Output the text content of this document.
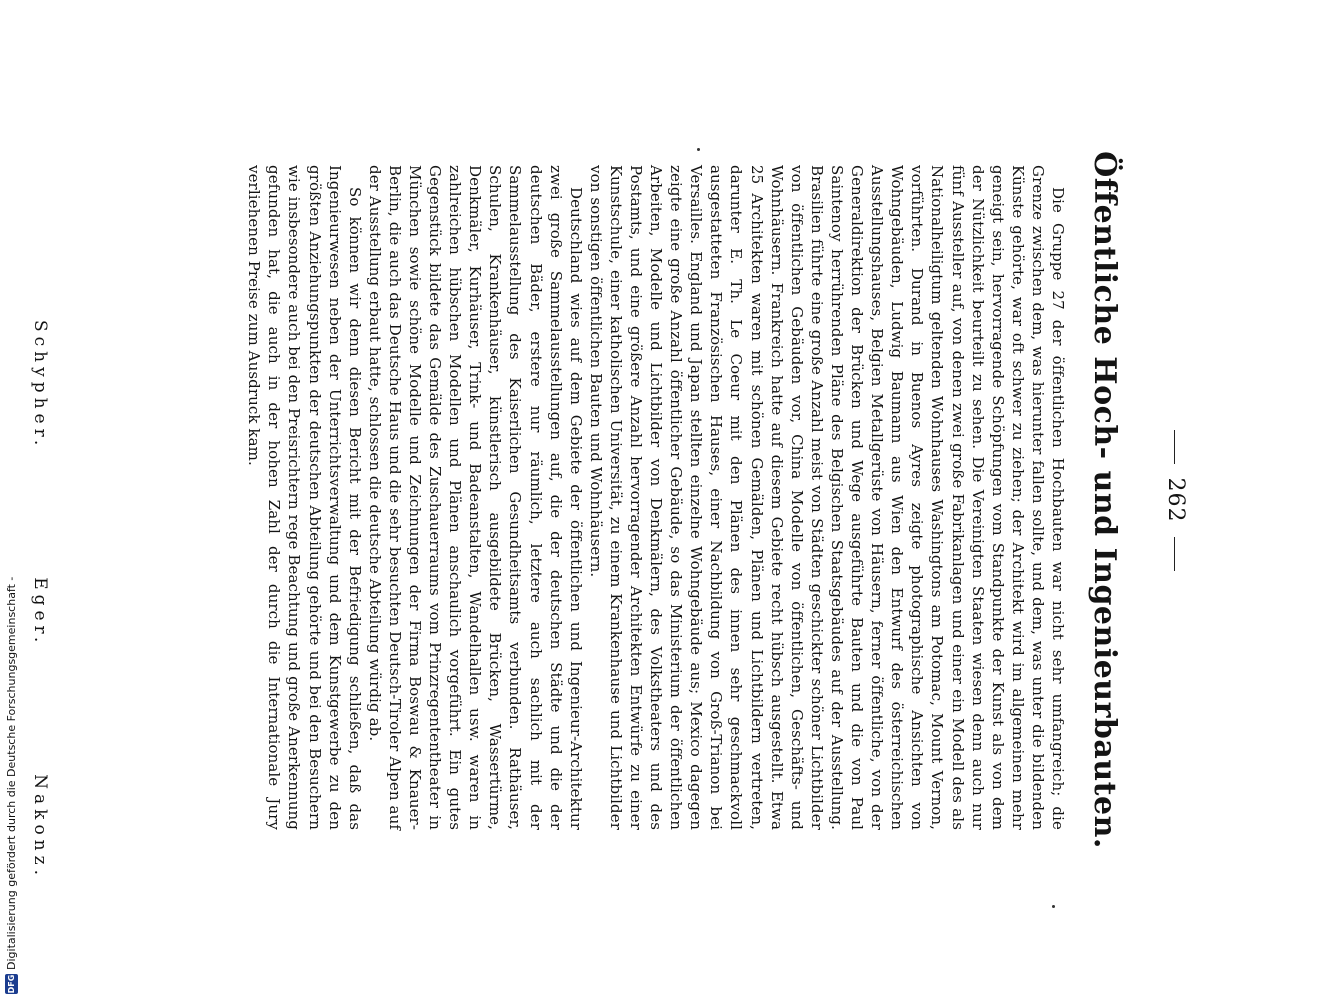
DFG
Digitalisierung gefördert durch die Deutsche Forschungsgemeinschaft -
262
Öffentliche Hoch- und Ingenieurbauten.

Die Gruppe 27 der öffentlichen Hochbauten war nicht sehr umfangreich; die Grenze zwischen dem, was hierunter fallen sollte, und dem, was unter die bildenden Künste gehörte, war oft schwer zu ziehen; der Architekt wird im allgemeinen mehr geneigt sein, hervorragende Schöpfungen vom Standpunkte der Kunst als von dem der Nützlichkeit beurteilt zu sehen. Die Vereinigten Staaten wiesen denn auch nur fünf Aussteller auf, von denen zwei große Fabrikanlagen und einer ein Modell des als Nationalheiligtum geltenden Wohnhauses Washingtons am Potomac, Mount Vernon, vorführten. Durand in Buenos Ayres zeigte photographische Ansichten von Wohngebäuden, Ludwig Baumann aus Wien den Entwurf des österreichischen Ausstellungshauses, Belgien Metallgerüste von Häusern, ferner öffentliche, von der Generaldirektion der Brücken und Wege ausgeführte Bauten und die von Paul Saintenoy herrührenden Pläne des Belgischen Staatsgebäudes auf der Ausstellung. Brasilien führte eine große Anzahl meist von Städten geschickter schöner Lichtbilder von öffentlichen Gebäuden vor, China Modelle von öffentlichen, Geschäfts- und Wohnhäusern. Frankreich hatte auf diesem Gebiete recht hübsch ausgestellt. Etwa 25 Architekten waren mit schönen Gemälden, Plänen und Lichtbildern vertreten, darunter E. Th. Le Coeur mit den Plänen des innen sehr geschmackvoll ausgestatteten Französischen Hauses, einer Nachbildung von Groß-Trianon bei Versailles. England und Japan stellten einzelne Wohngebäude aus; Mexico dagegen zeigte eine große Anzahl öffentlicher Gebäude, so das Ministerium der öffentlichen Arbeiten, Modelle und Lichtbilder von Denkmälern, des Volkstheaters und des Postamts, und eine größere Anzahl hervorragender Architekten Entwürfe zu einer Kunstschule, einer katholischen Universität, zu einem Krankenhause und Lichtbilder von sonstigen öffentlichen Bauten und Wohnhäusern.

Deutschland wies auf dem Gebiete der öffentlichen und Ingenieur-Architektur zwei große Sammelausstellungen auf, die der deutschen Städte und die der deutschen Bäder, erstere nur räumlich, letztere auch sachlich mit der Sammelausstellung des Kaiserlichen Gesundheitsamts verbunden. Rathäuser, Schulen, Krankenhäuser, künstlerisch ausgebildete Brücken, Wassertürme, Denkmäler, Kurhäuser, Trink- und Badeanstalten, Wandelhallen usw. waren in zahlreichen hübschen Modellen und Plänen anschaulich vorgeführt. Ein gutes Gegenstück bildete das Gemälde des Zuschauerraums vom Prinzregententheater in München sowie schöne Modelle und Zeichnungen der Firma Boswau & Knauer-Berlin, die auch das Deutsche Haus und die sehr besuchten Deutsch-Tiroler Alpen auf der Ausstellung erbaut hatte, schlossen die deutsche Abteilung würdig ab.

So können wir denn diesen Bericht mit der Befriedigung schließen, daß das Ingenieurwesen neben der Unterrichtsverwaltung und dem Kunstgewerbe zu den größten Anziehungspunkten der deutschen Abteilung gehörte und bei den Besuchern wie insbesondere auch bei den Preisrichtern rege Beachtung und große Anerkennung gefunden hat, die auch in der hohen Zahl der durch die Internationale Jury verliehenen Preise zum Ausdruck kam.

Schypher.
Eger.
Nakonz.
